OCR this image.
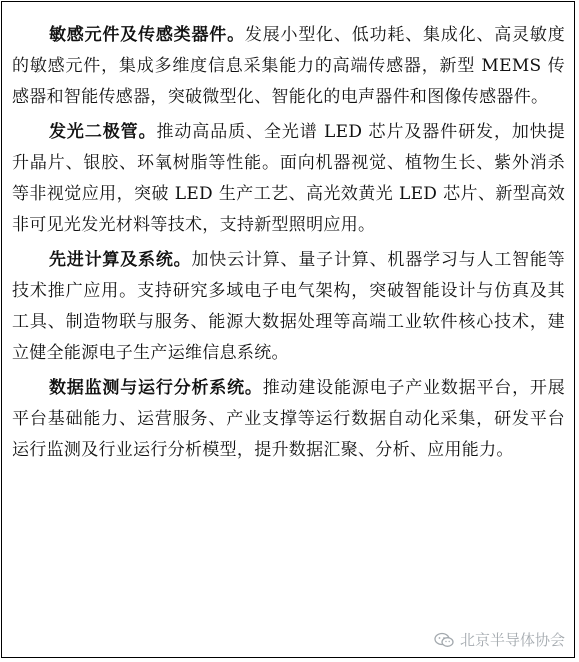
敏感元件及传感类器件。发展小型化、低功耗、集成化、高灵敏度的敏感元件，集成多维度信息采集能力的高端传感器，新型 MEMS 传感器和智能传感器，突破微型化、智能化的电声器件和图像传感器件。

发光二极管。推动高品质、全光谱 LED 芯片及器件研发，加快提升晶片、银胶、环氧树脂等性能。面向机器视觉、植物生长、紫外消杀等非视觉应用，突破 LED 生产工艺、高光效黄光 LED 芯片、新型高效非可见光发光材料等技术，支持新型照明应用。

先进计算及系统。加快云计算、量子计算、机器学习与人工智能等技术推广应用。支持研究多域电子电气架构，突破智能设计与仿真及其工具、制造物联与服务、能源大数据处理等高端工业软件核心技术，建立健全能源电子生产运维信息系统。

数据监测与运行分析系统。推动建设能源电子产业数据平台，开展平台基础能力、运营服务、产业支撑等运行数据自动化采集，研发平台运行监测及行业运行分析模型，提升数据汇聚、分析、应用能力。

北京半导体协会
